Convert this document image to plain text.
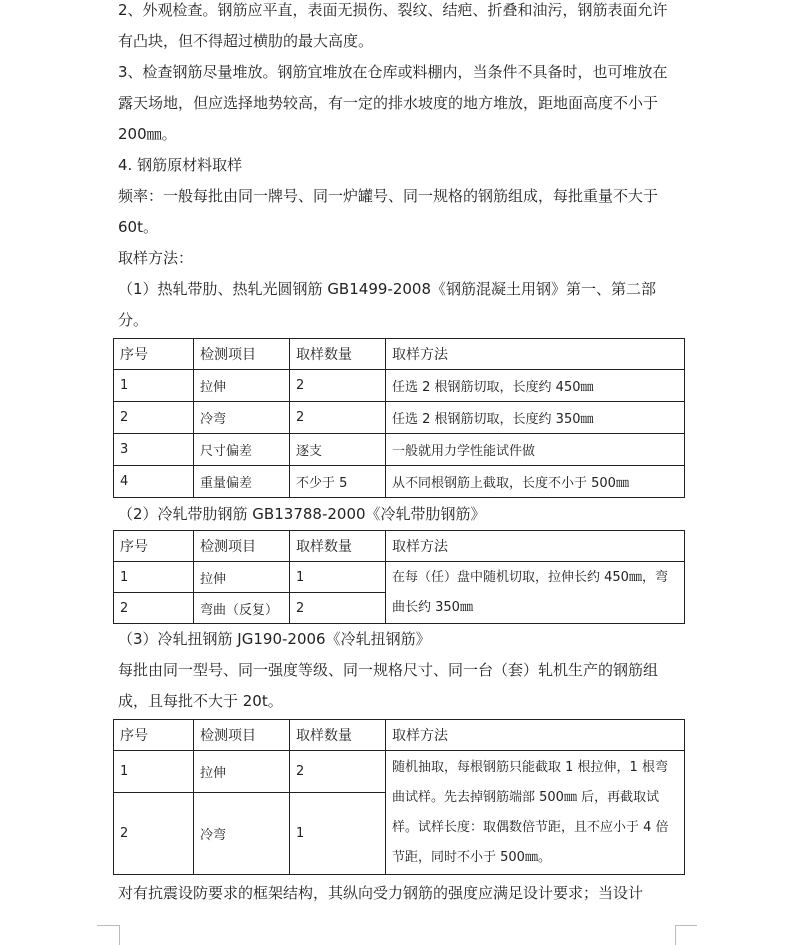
2、外观检查。钢筋应平直，表面无损伤、裂纹、结疤、折叠和油污，钢筋表面允许有凸块，但不得超过横肋的最大高度。

3、检查钢筋尽量堆放。钢筋宜堆放在仓库或料棚内，当条件不具备时，也可堆放在露天场地，但应选择地势较高，有一定的排水坡度的地方堆放，距地面高度不小于 200㎜。

4. 钢筋原材料取样

频率：一般每批由同一牌号、同一炉罐号、同一规格的钢筋组成，每批重量不大于 60t。

取样方法：

（1）热轧带肋、热轧光圆钢筋 GB1499-2008《钢筋混凝土用钢》第一、第二部分。

序号	检测项目	取样数量	取样方法
1	拉伸	2	任选 2 根钢筋切取，长度约 450㎜
2	冷弯	2	任选 2 根钢筋切取，长度约 350㎜
3	尺寸偏差	逐支	一般就用力学性能试件做
4	重量偏差	不少于 5	从不同根钢筋上截取，长度不小于 500㎜

（2）冷轧带肋钢筋 GB13788-2000《冷轧带肋钢筋》

序号	检测项目	取样数量	取样方法
1	拉伸	1	在每（任）盘中随机切取，拉伸长约 450㎜，弯曲长约 350㎜
2	弯曲（反复）	2	

（3）冷轧扭钢筋 JG190-2006《冷轧扭钢筋》

每批由同一型号、同一强度等级、同一规格尺寸、同一台（套）轧机生产的钢筋组成，且每批不大于 20t。

序号	检测项目	取样数量	取样方法
1	拉伸	2	随机抽取，每根钢筋只能截取 1 根拉伸，1 根弯曲试样。先去掉钢筋端部 500㎜ 后，再截取试样。试样长度：取偶数倍节距，且不应小于 4 倍节距，同时不小于 500㎜。
2	冷弯	1	

对有抗震设防要求的框架结构，其纵向受力钢筋的强度应满足设计要求；当设计
